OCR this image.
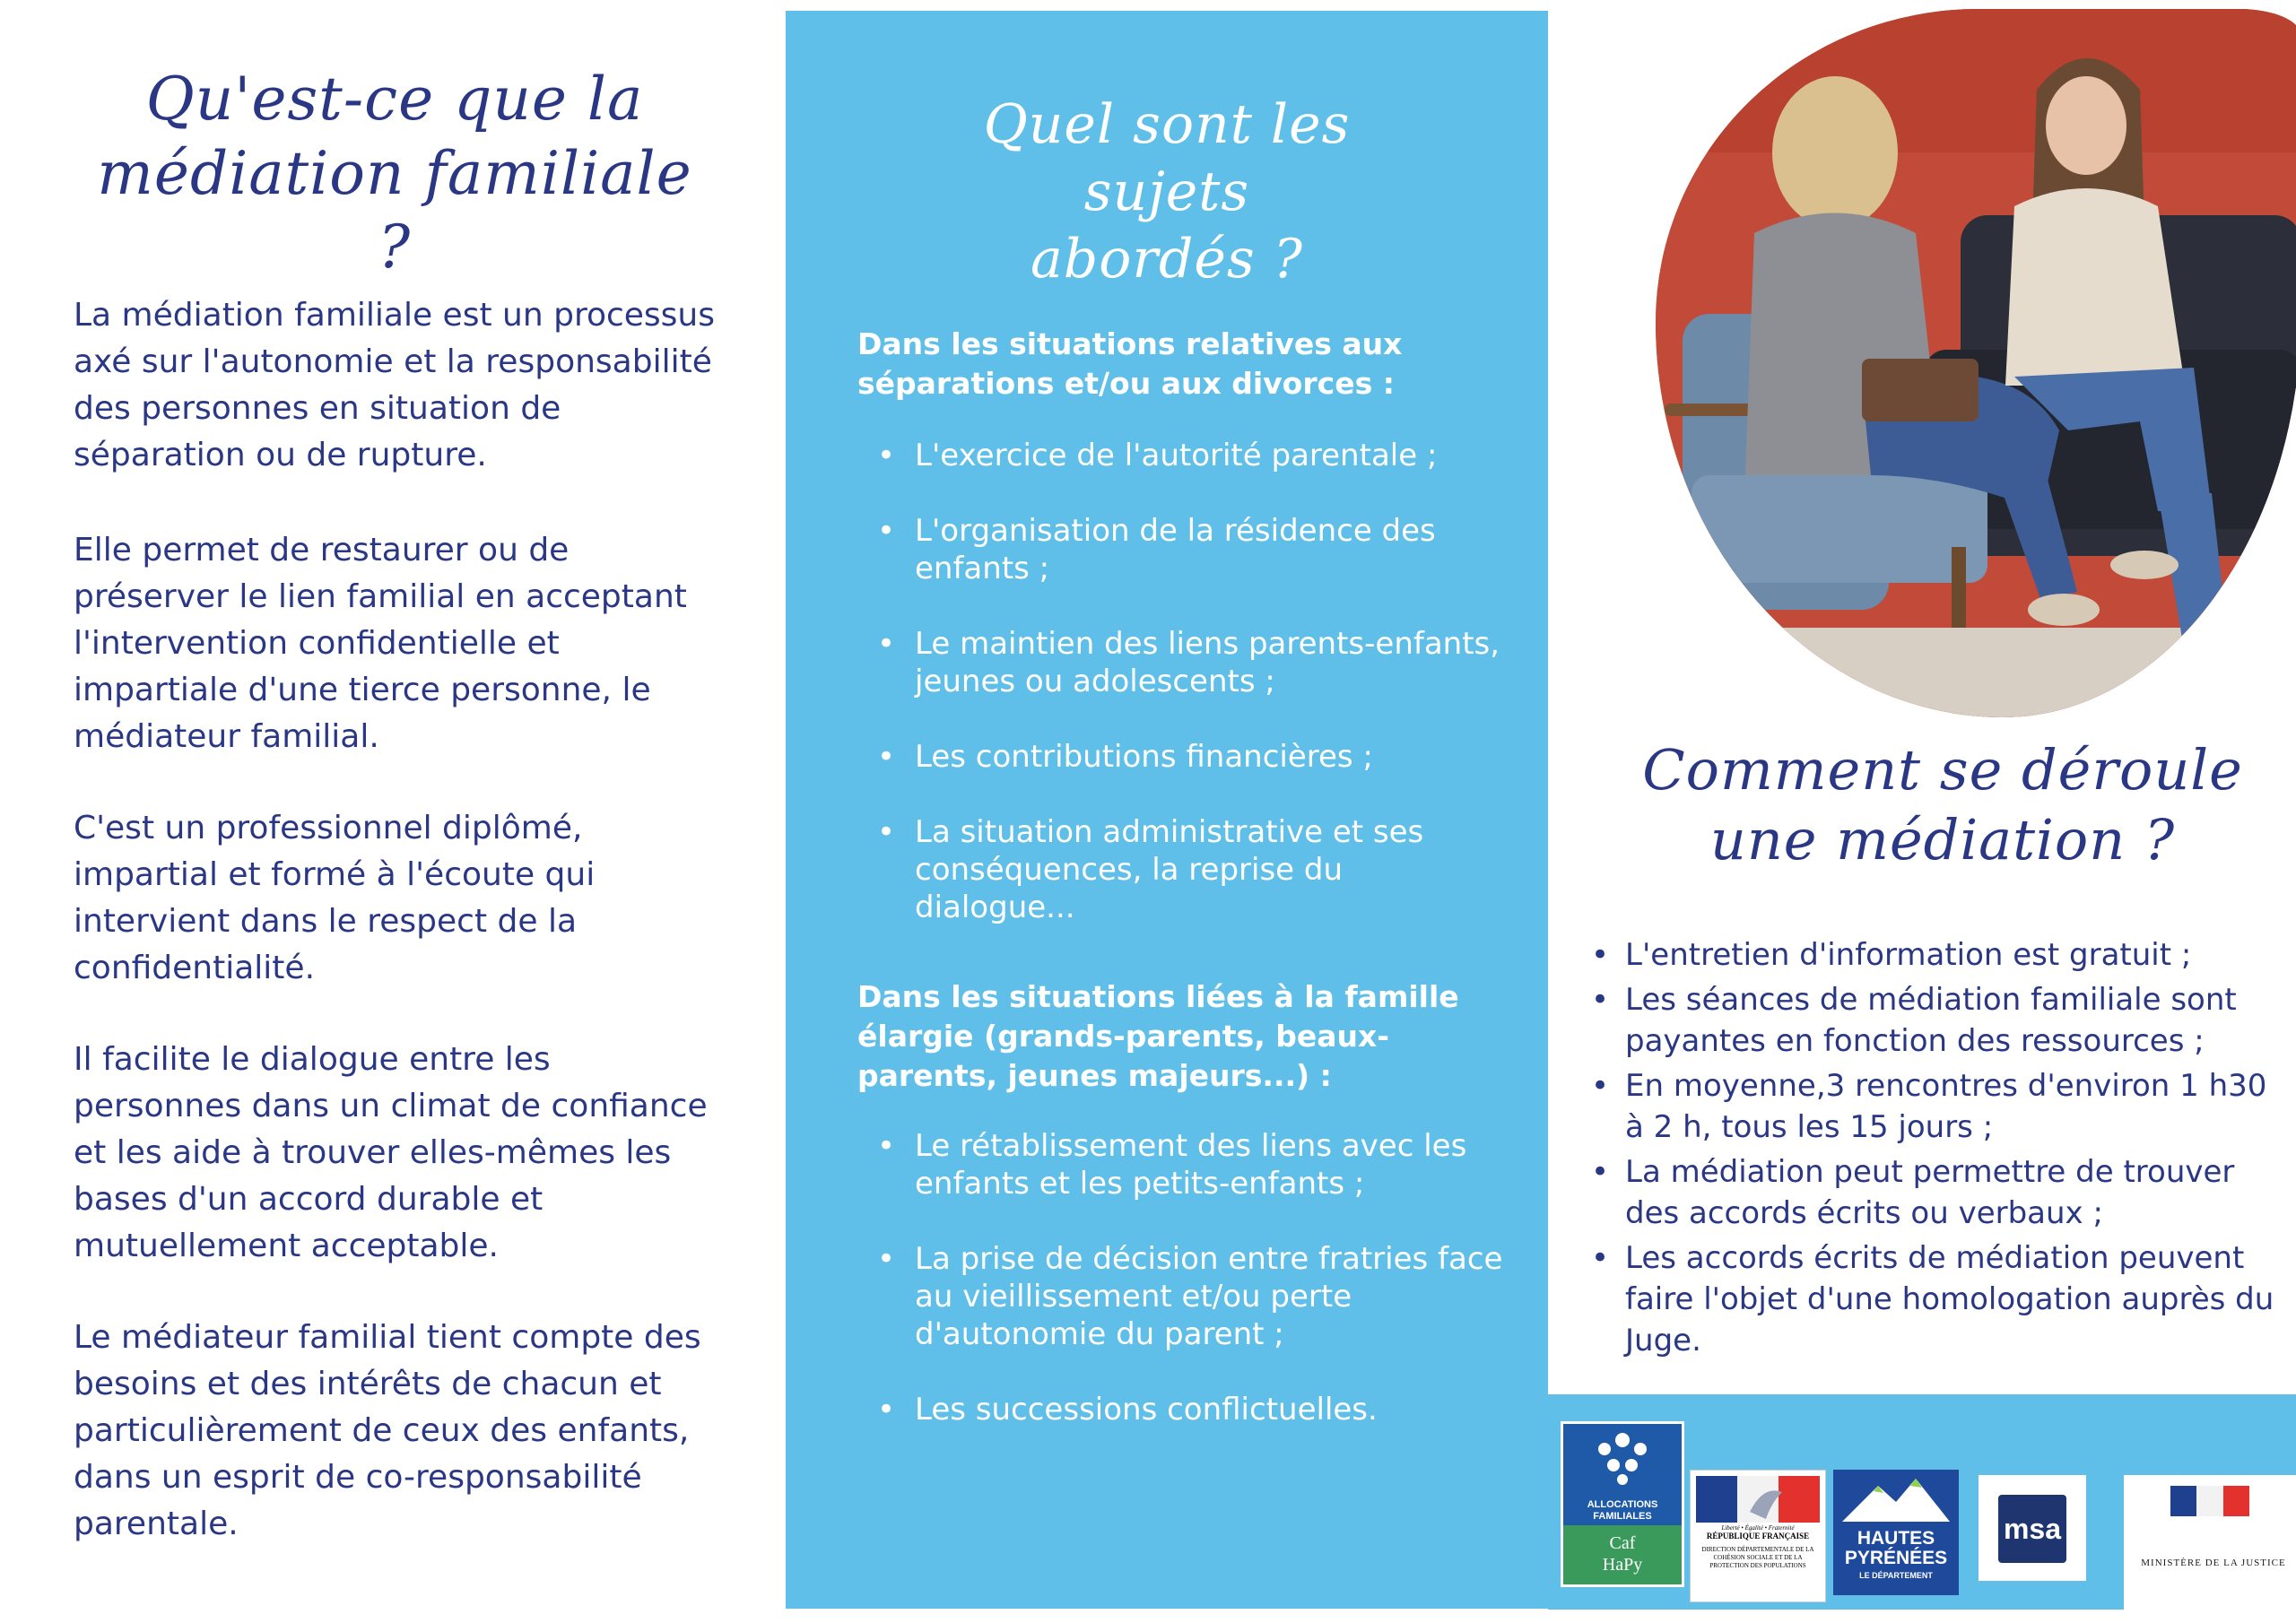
Qu'est-ce que la
médiation familiale ?

La médiation familiale est un processus axé sur l'autonomie et la responsabilité des personnes en situation de séparation ou de rupture.

Elle permet de restaurer ou de préserver le lien familial en acceptant l'intervention confidentielle et impartiale d'une tierce personne, le médiateur familial.

C'est un professionnel diplômé, impartial et formé à l'écoute qui intervient dans le respect de la confidentialité.

Il facilite le dialogue entre les personnes dans un climat de confiance et les aide à trouver elles-mêmes les bases d'un accord durable et mutuellement acceptable.

Le médiateur familial tient compte des besoins et des intérêts de chacun et particulièrement de ceux des enfants, dans un esprit de co-responsabilité parentale.

Quel sont les sujets
abordés ?

Dans les situations relatives aux séparations et/ou aux divorces :

• L'exercice de l'autorité parentale ;
• L'organisation de la résidence des enfants ;
• Le maintien des liens parents-enfants, jeunes ou adolescents ;
• Les contributions financières ;
• La situation administrative et ses conséquences, la reprise du dialogue...

Dans les situations liées à la famille élargie (grands-parents, beaux-parents, jeunes majeurs...) :

• Le rétablissement des liens avec les enfants et les petits-enfants ;
• La prise de décision entre fratries face au vieillissement et/ou perte d'autonomie du parent ;
• Les successions conflictuelles.
Comment se déroule
une médiation ?
• L'entretien d'information est gratuit ;
• Les séances de médiation familiale sont payantes en fonction des ressources ;
• En moyenne,3 rencontres d'environ 1 h30 à 2 h, tous les 15 jours ;
• La médiation peut permettre de trouver des accords écrits ou verbaux ;
• Les accords écrits de médiation peuvent faire l'objet d'une homologation auprès du Juge.
ALLOCATIONS
FAMILIALES
Caf
HaPy
Liberté • Égalité • Fraternité
RÉPUBLIQUE FRANÇAISE
DIRECTION DÉPARTEMENTALE DE LA COHÉSION SOCIALE ET DE LA PROTECTION DES POPULATIONS
HAUTES
PYRÉNÉES
LE DÉPARTEMENT
msa
MINISTÈRE DE LA JUSTICE
